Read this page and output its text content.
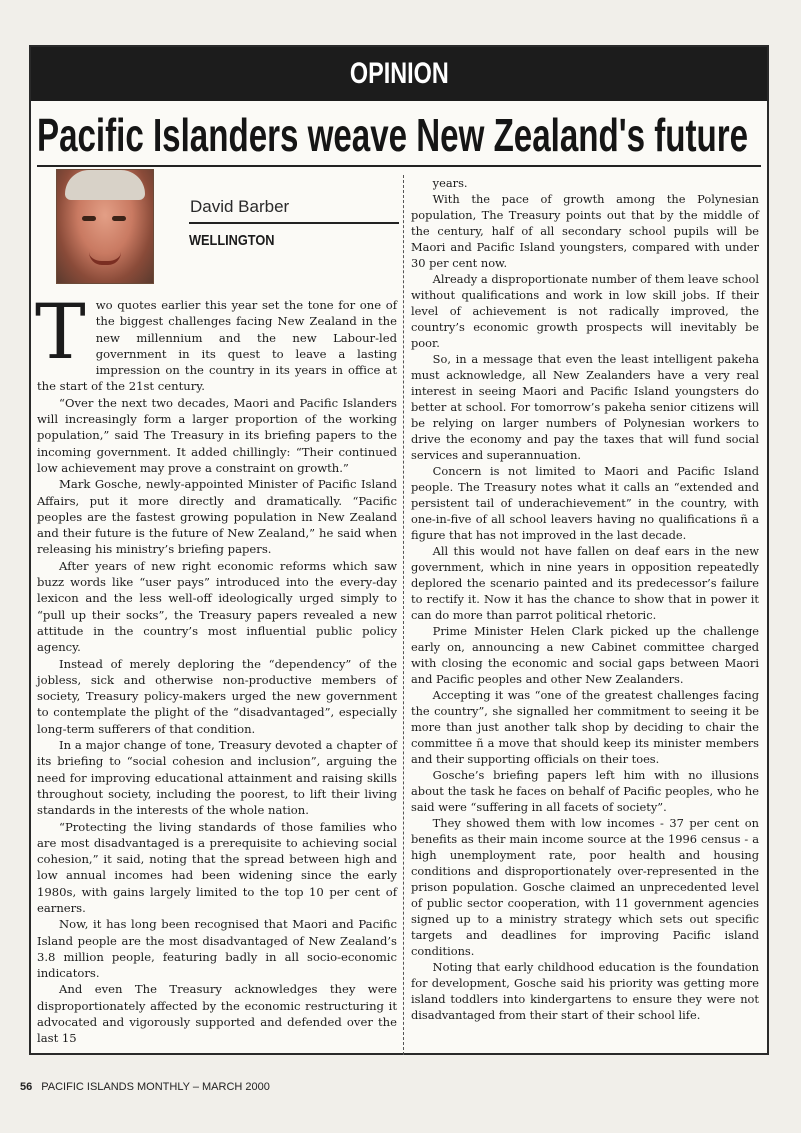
OPINION
Pacific Islanders weave New Zealand's future
David Barber
WELLINGTON

Two quotes earlier this year set the tone for one of the biggest challenges facing New Zealand in the new millennium and the new Labour-led government in its quest to leave a lasting impression on the country in its years in office at the start of the 21st century.

“Over the next two decades, Maori and Pacific Islanders will increasingly form a larger proportion of the working population,” said The Treasury in its briefing papers to the incoming government. It added chillingly: “Their continued low achievement may prove a constraint on growth.”

Mark Gosche, newly-appointed Minister of Pacific Island Affairs, put it more directly and dramatically. “Pacific peoples are the fastest growing population in New Zealand and their future is the future of New Zealand,” he said when releasing his ministry’s briefing papers.

After years of new right economic reforms which saw buzz words like “user pays” introduced into the every-day lexicon and the less well-off ideologically urged simply to “pull up their socks”, the Treasury papers revealed a new attitude in the country’s most influential public policy agency.

Instead of merely deploring the “dependency” of the jobless, sick and otherwise non-productive members of society, Treasury policy-makers urged the new government to contemplate the plight of the “disadvantaged”, especially long-term sufferers of that condition.

In a major change of tone, Treasury devoted a chapter of its briefing to “social cohesion and inclusion”, arguing the need for improving educational attainment and raising skills throughout society, including the poorest, to lift their living standards in the interests of the whole nation.

“Protecting the living standards of those families who are most disadvantaged is a prerequisite to achieving social cohesion,” it said, noting that the spread between high and low annual incomes had been widening since the early 1980s, with gains largely limited to the top 10 per cent of earners.

Now, it has long been recognised that Maori and Pacific Island people are the most disadvantaged of New Zealand’s 3.8 million people, featuring badly in all socio-economic indicators.

And even The Treasury acknowledges they were disproportionately affected by the economic restructuring it advocated and vigorously supported and defended over the last 15

years.

With the pace of growth among the Polynesian population, The Treasury points out that by the middle of the century, half of all secondary school pupils will be Maori and Pacific Island youngsters, compared with under 30 per cent now.

Already a disproportionate number of them leave school without qualifications and work in low skill jobs. If their level of achievement is not radically improved, the country’s economic growth prospects will inevitably be poor.

So, in a message that even the least intelligent pakeha must acknowledge, all New Zealanders have a very real interest in seeing Maori and Pacific Island youngsters do better at school. For tomorrow’s pakeha senior citizens will be relying on larger numbers of Polynesian workers to drive the economy and pay the taxes that will fund social services and superannuation.

Concern is not limited to Maori and Pacific Island people. The Treasury notes what it calls an “extended and persistent tail of underachievement” in the country, with one-in-five of all school leavers having no qualifications ñ a figure that has not improved in the last decade.

All this would not have fallen on deaf ears in the new government, which in nine years in opposition repeatedly deplored the scenario painted and its predecessor’s failure to rectify it. Now it has the chance to show that in power it can do more than parrot political rhetoric.

Prime Minister Helen Clark picked up the challenge early on, announcing a new Cabinet committee charged with closing the economic and social gaps between Maori and Pacific peoples and other New Zealanders.

Accepting it was “one of the greatest challenges facing the country”, she signalled her commitment to seeing it be more than just another talk shop by deciding to chair the committee ñ a move that should keep its minister members and their supporting officials on their toes.

Gosche’s briefing papers left him with no illusions about the task he faces on behalf of Pacific peoples, who he said were “suffering in all facets of society”.

They showed them with low incomes - 37 per cent on benefits as their main income source at the 1996 census - a high unemployment rate, poor health and housing conditions and disproportionately over-represented in the prison population. Gosche claimed an unprecedented level of public sector cooperation, with 11 government agencies signed up to a ministry strategy which sets out specific targets and deadlines for improving Pacific island conditions.

Noting that early childhood education is the foundation for development, Gosche said his priority was getting more island toddlers into kindergartens to ensure they were not disadvantaged from their start of their school life.

56 PACIFIC ISLANDS MONTHLY – MARCH 2000
